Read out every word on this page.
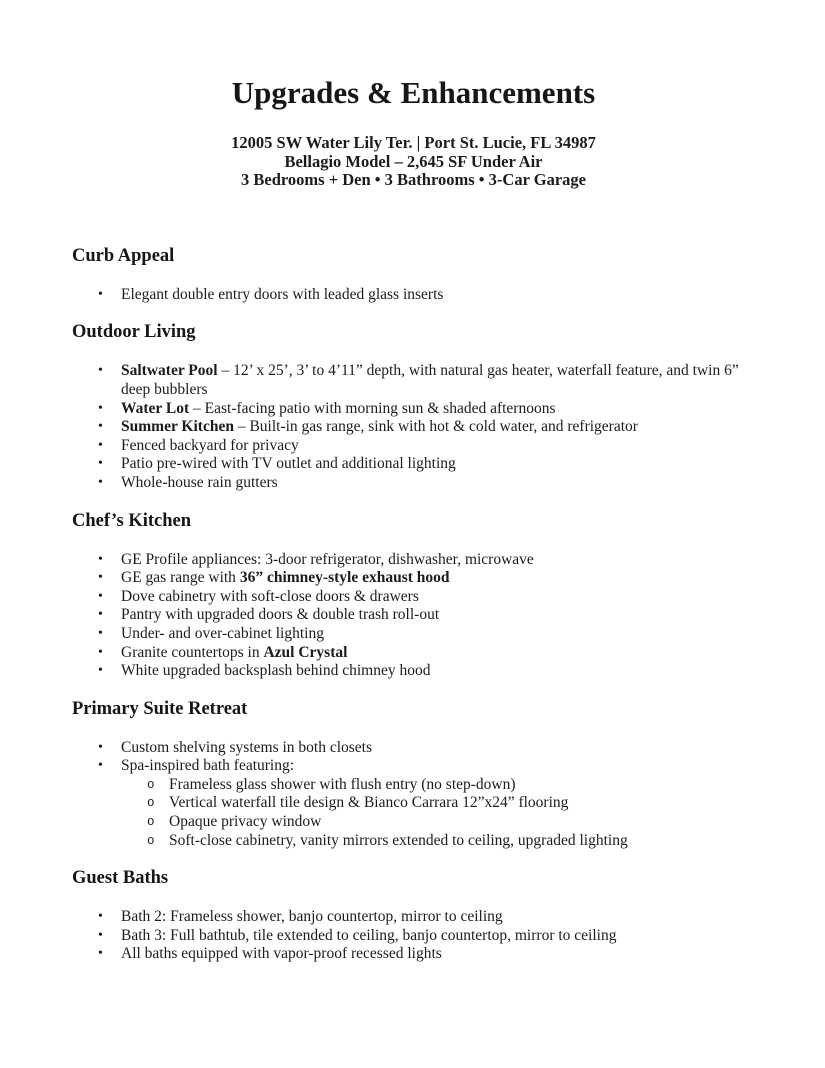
Upgrades & Enhancements
12005 SW Water Lily Ter. | Port St. Lucie, FL 34987
Bellagio Model – 2,645 SF Under Air
3 Bedrooms + Den • 3 Bathrooms • 3-Car Garage
Curb Appeal
• Elegant double entry doors with leaded glass inserts
Outdoor Living
• Saltwater Pool – 12’ x 25’, 3’ to 4’11” depth, with natural gas heater, waterfall feature, and twin 6” deep bubblers
• Water Lot – East-facing patio with morning sun & shaded afternoons
• Summer Kitchen – Built-in gas range, sink with hot & cold water, and refrigerator
• Fenced backyard for privacy
• Patio pre-wired with TV outlet and additional lighting
• Whole-house rain gutters
Chef’s Kitchen
• GE Profile appliances: 3-door refrigerator, dishwasher, microwave
• GE gas range with 36” chimney-style exhaust hood
• Dove cabinetry with soft-close doors & drawers
• Pantry with upgraded doors & double trash roll-out
• Under- and over-cabinet lighting
• Granite countertops in Azul Crystal
• White upgraded backsplash behind chimney hood
Primary Suite Retreat
• Custom shelving systems in both closets
• Spa-inspired bath featuring:
o Frameless glass shower with flush entry (no step-down)
o Vertical waterfall tile design & Bianco Carrara 12”x24” flooring
o Opaque privacy window
o Soft-close cabinetry, vanity mirrors extended to ceiling, upgraded lighting
Guest Baths
• Bath 2: Frameless shower, banjo countertop, mirror to ceiling
• Bath 3: Full bathtub, tile extended to ceiling, banjo countertop, mirror to ceiling
• All baths equipped with vapor-proof recessed lights
